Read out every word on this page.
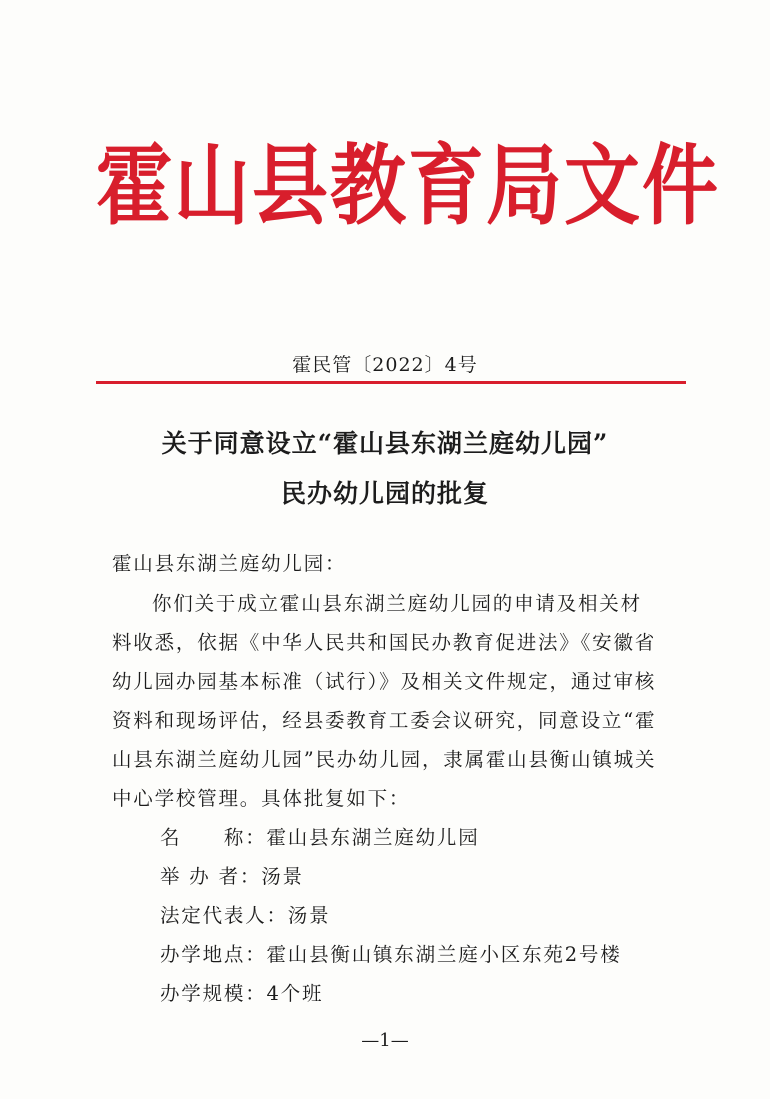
霍山县教育局文件
霍民管〔2022〕4号
关于同意设立“霍山县东湖兰庭幼儿园”
民办幼儿园的批复
霍山县东湖兰庭幼儿园：
你们关于成立霍山县东湖兰庭幼儿园的申请及相关材
料收悉，依据《中华人民共和国民办教育促进法》《安徽省
幼儿园办园基本标准（试行）》及相关文件规定，通过审核
资料和现场评估，经县委教育工委会议研究，同意设立“霍
山县东湖兰庭幼儿园”民办幼儿园，隶属霍山县衡山镇城关
中心学校管理。具体批复如下：
名　　称：霍山县东湖兰庭幼儿园
举 办 者：汤景
法定代表人：汤景
办学地点：霍山县衡山镇东湖兰庭小区东苑2号楼
办学规模：4个班
—1—
